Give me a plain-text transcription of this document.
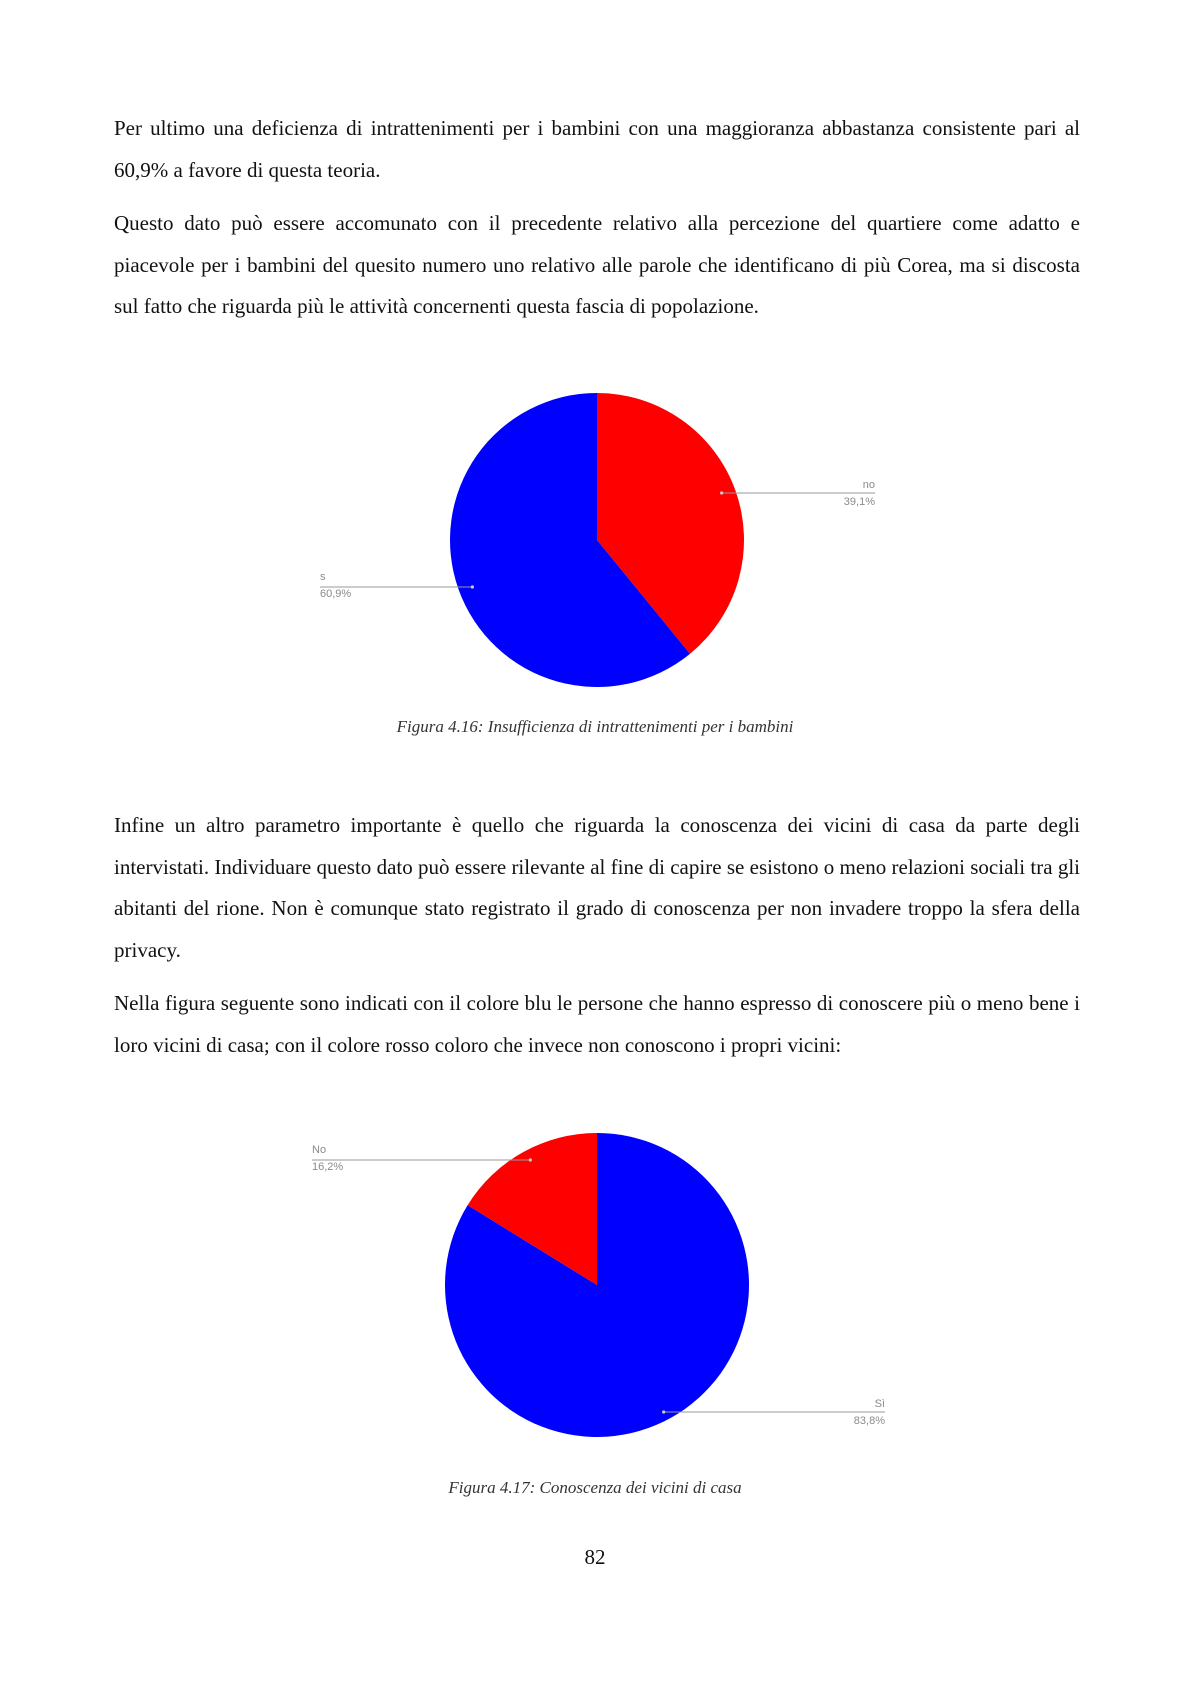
Per ultimo una deficienza di intrattenimenti per i bambini con una maggioranza abbastanza consistente pari al 60,9% a favore di questa teoria.

Questo dato può essere accomunato con il precedente relativo alla percezione del quartiere come adatto e piacevole per i bambini del quesito numero uno relativo alle parole che identificano di più Corea, ma si discosta sul fatto che riguarda più le attività concernenti questa fascia di popolazione.

no
39,1%
s
60,9%

Figura 4.16: Insufficienza di intrattenimenti per i bambini

Infine un altro parametro importante è quello che riguarda la conoscenza dei vicini di casa da parte degli intervistati. Individuare questo dato può essere rilevante al fine di capire se esistono o meno relazioni sociali tra gli abitanti del rione. Non è comunque stato registrato il grado di conoscenza per non invadere troppo la sfera della privacy.

Nella figura seguente sono indicati con il colore blu le persone che hanno espresso di conoscere più o meno bene i loro vicini di casa; con il colore rosso coloro che invece non conoscono i propri vicini:

Sì
83,8%
No
16,2%

Figura 4.17: Conoscenza dei vicini di casa

82
